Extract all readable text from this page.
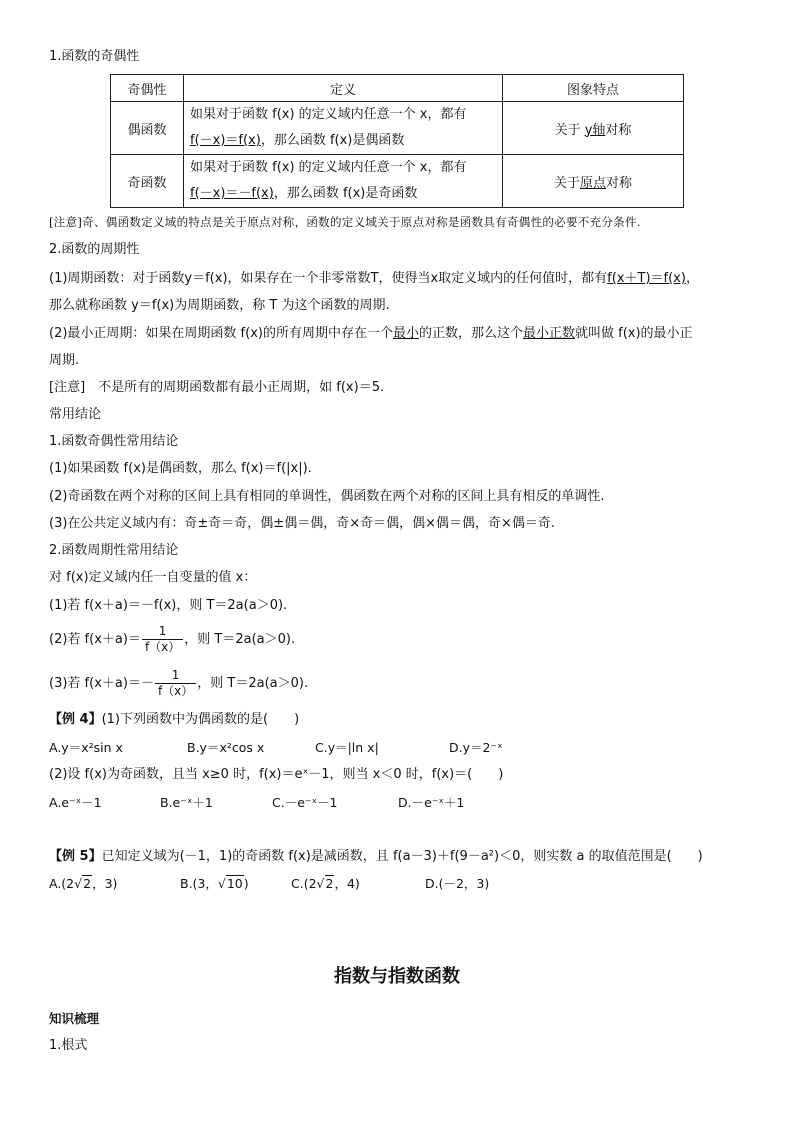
1.函数的奇偶性
奇偶性	定义	图象特点
偶函数	如果对于函数 f(x) 的定义域内任意一个 x，都有
f(－x)＝f(x)，那么函数 f(x)是偶函数	关于 y轴对称
奇函数	如果对于函数 f(x) 的定义域内任意一个 x，都有
f(－x)＝－f(x)，那么函数 f(x)是奇函数	关于原点对称
[注意]奇、偶函数定义域的特点是关于原点对称，函数的定义域关于原点对称是函数具有奇偶性的必要不充分条件.
2.函数的周期性
(1)周期函数：对于函数y＝f(x)，如果存在一个非零常数T，使得当x取定义域内的任何值时，都有f(x＋T)＝f(x)，
那么就称函数 y＝f(x)为周期函数，称 T 为这个函数的周期.
(2)最小正周期：如果在周期函数 f(x)的所有周期中存在一个最小的正数，那么这个最小正数就叫做 f(x)的最小正
周期.
[注意]　不是所有的周期函数都有最小正周期，如 f(x)＝5.
常用结论
1.函数奇偶性常用结论
(1)如果函数 f(x)是偶函数，那么 f(x)＝f(|x|).
(2)奇函数在两个对称的区间上具有相同的单调性，偶函数在两个对称的区间上具有相反的单调性.
(3)在公共定义域内有：奇±奇＝奇，偶±偶＝偶，奇×奇＝偶，偶×偶＝偶，奇×偶＝奇.
2.函数周期性常用结论
对 f(x)定义域内任一自变量的值 x：
(1)若 f(x＋a)＝－f(x)，则 T＝2a(a＞0).
(2)若 $f(x+a)= \frac{1}{f(x)}$ ，则 T＝2a(a＞0).
(3)若 $f(x+a)=- \frac{1}{f(x)}$ ，则 T＝2a(a＞0).
【例 4】(1)下列函数中为偶函数的是(　　)
A.y＝x²sin x	B.y＝x²cos x	C.y＝|ln x|	D.y＝2⁻ˣ
(2)设 f(x)为奇函数，且当 x≥0 时，f(x)＝eˣ－1，则当 x＜0 时，f(x)＝(　　)
A.e⁻ˣ－1	B.e⁻ˣ＋1	C.－e⁻ˣ－1	D.－e⁻ˣ＋1
【例 5】已知定义域为(－1，1)的奇函数 f(x)是减函数，且 f(a－3)＋f(9－a²)＜0，则实数 a 的取值范围是(　　)
A.(2√2，3)	B.(3，√10)	C.(2√2，4)	D.(－2，3)
指数与指数函数
知识梳理
1.根式
